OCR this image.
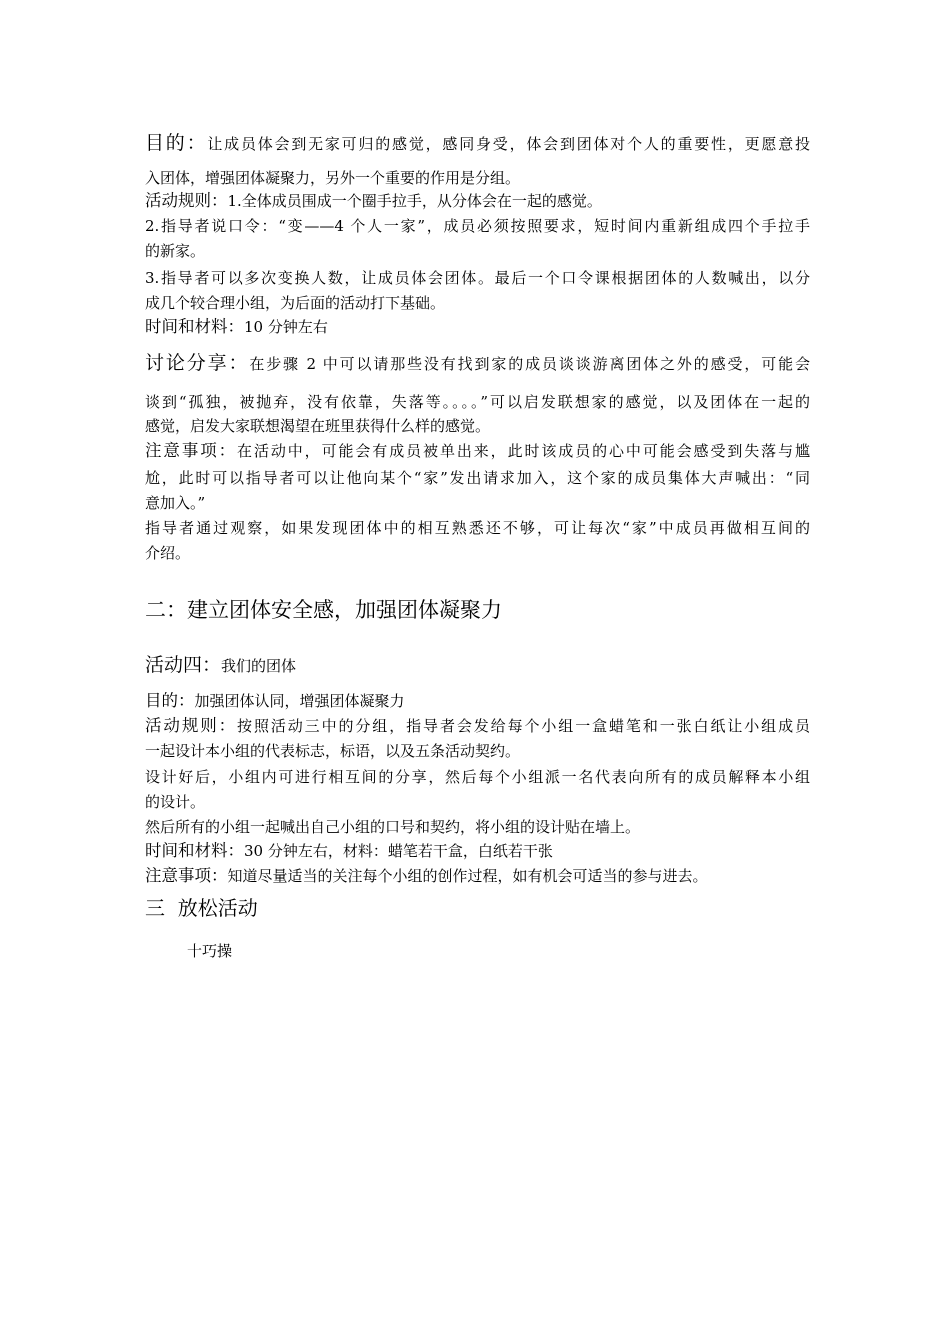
目的：让成员体会到无家可归的感觉，感同身受，体会到团体对个人的重要性，更愿意投
入团体，增强团体凝聚力，另外一个重要的作用是分组。
活动规则：1.全体成员围成一个圈手拉手，从分体会在一起的感觉。
2.指导者说口令：“变——4 个人一家”，成员必须按照要求，短时间内重新组成四个手拉手
的新家。
3.指导者可以多次变换人数，让成员体会团体。最后一个口令课根据团体的人数喊出，以分
成几个较合理小组，为后面的活动打下基础。
时间和材料：10 分钟左右
讨论分享：在步骤 2 中可以请那些没有找到家的成员谈谈游离团体之外的感受，可能会
谈到“孤独，被抛弃，没有依靠，失落等。。。。”可以启发联想家的感觉，以及团体在一起的
感觉，启发大家联想渴望在班里获得什么样的感觉。
注意事项：在活动中，可能会有成员被单出来，此时该成员的心中可能会感受到失落与尴
尬，此时可以指导者可以让他向某个“家”发出请求加入，这个家的成员集体大声喊出：“同
意加入。”
指导者通过观察，如果发现团体中的相互熟悉还不够，可让每次“家”中成员再做相互间的
介绍。
二：建立团体安全感，加强团体凝聚力
活动四：我们的团体
目的：加强团体认同，增强团体凝聚力
活动规则：按照活动三中的分组，指导者会发给每个小组一盒蜡笔和一张白纸让小组成员
一起设计本小组的代表标志，标语，以及五条活动契约。
设计好后，小组内可进行相互间的分享，然后每个小组派一名代表向所有的成员解释本小组
的设计。
然后所有的小组一起喊出自己小组的口号和契约，将小组的设计贴在墙上。
时间和材料：30 分钟左右，材料：蜡笔若干盒，白纸若干张
注意事项：知道尽量适当的关注每个小组的创作过程，如有机会可适当的参与进去。
三  放松活动
十巧操
